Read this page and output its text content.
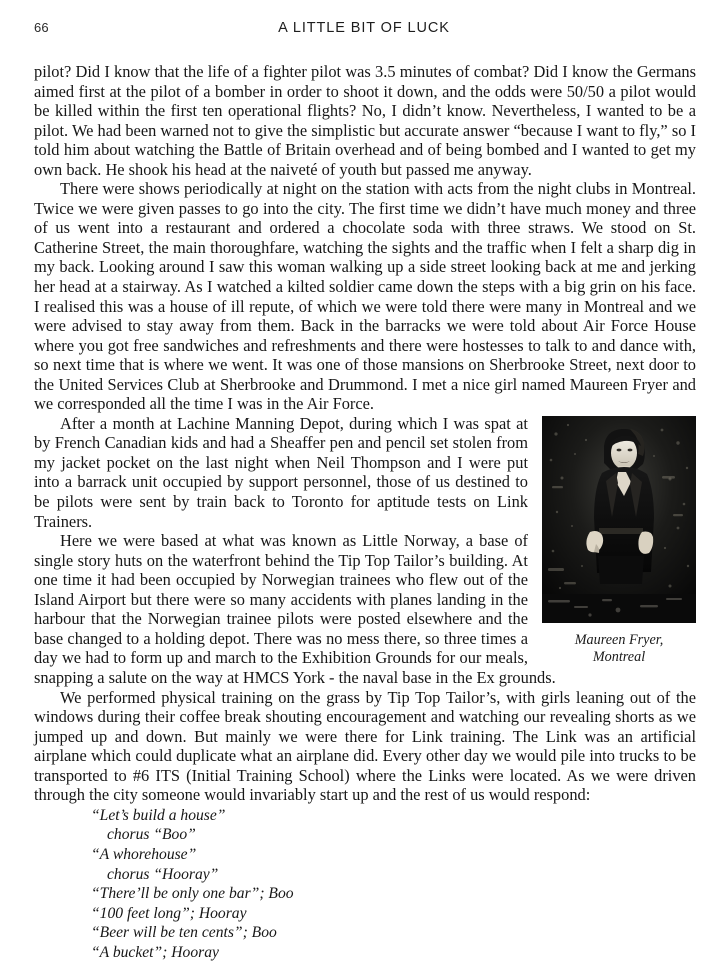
66	A LITTLE BIT OF LUCK

pilot? Did I know that the life of a fighter pilot was 3.5 minutes of combat? Did I know the Germans aimed first at the pilot of a bomber in order to shoot it down, and the odds were 50/50 a pilot would be killed within the first ten operational flights? No, I didn’t know. Nevertheless, I wanted to be a pilot. We had been warned not to give the simplistic but accurate answer “because I want to fly,” so I told him about watching the Battle of Britain overhead and of being bombed and I wanted to get my own back. He shook his head at the naiveté of youth but passed me anyway.

There were shows periodically at night on the station with acts from the night clubs in Montreal. Twice we were given passes to go into the city. The first time we didn’t have much money and three of us went into a restaurant and ordered a chocolate soda with three straws. We stood on St. Catherine Street, the main thoroughfare, watching the sights and the traffic when I felt a sharp dig in my back. Looking around I saw this woman walking up a side street looking back at me and jerking her head at a stairway. As I watched a kilted soldier came down the steps with a big grin on his face. I realised this was a house of ill repute, of which we were told there were many in Montreal and we were advised to stay away from them. Back in the barracks we were told about Air Force House where you got free sandwiches and refreshments and there were hostesses to talk to and dance with, so next time that is where we went. It was one of those mansions on Sherbrooke Street, next door to the United Services Club at Sherbrooke and Drummond. I met a nice girl named Maureen Fryer and we corresponded all the time I was in the Air Force.

Maureen Fryer,
Montreal

After a month at Lachine Manning Depot, during which I was spat at by French Canadian kids and had a Sheaffer pen and pencil set stolen from my jacket pocket on the last night when Neil Thompson and I were put into a barrack unit occupied by support personnel, those of us destined to be pilots were sent by train back to Toronto for aptitude tests on Link Trainers.

Here we were based at what was known as Little Norway, a base of single story huts on the waterfront behind the Tip Top Tailor’s building. At one time it had been occupied by Norwegian trainees who flew out of the Island Airport but there were so many accidents with planes landing in the harbour that the Norwegian trainee pilots were posted elsewhere and the base changed to a holding depot. There was no mess there, so three times a day we had to form up and march to the Exhibition Grounds for our meals, snapping a salute on the way at HMCS York - the naval base in the Ex grounds.

We performed physical training on the grass by Tip Top Tailor’s, with girls leaning out of the windows during their coffee break shouting encouragement and watching our revealing shorts as we jumped up and down. But mainly we were there for Link training. The Link was an artificial airplane which could duplicate what an airplane did. Every other day we would pile into trucks to be transported to #6 ITS (Initial Training School) where the Links were located. As we were driven through the city someone would invariably start up and the rest of us would respond:

“Let’s build a house”

chorus “Boo”

“A whorehouse”

chorus “Hooray”

“There’ll be only one bar”; Boo

“100 feet long”; Hooray

“Beer will be ten cents”; Boo

“A bucket”; Hooray
